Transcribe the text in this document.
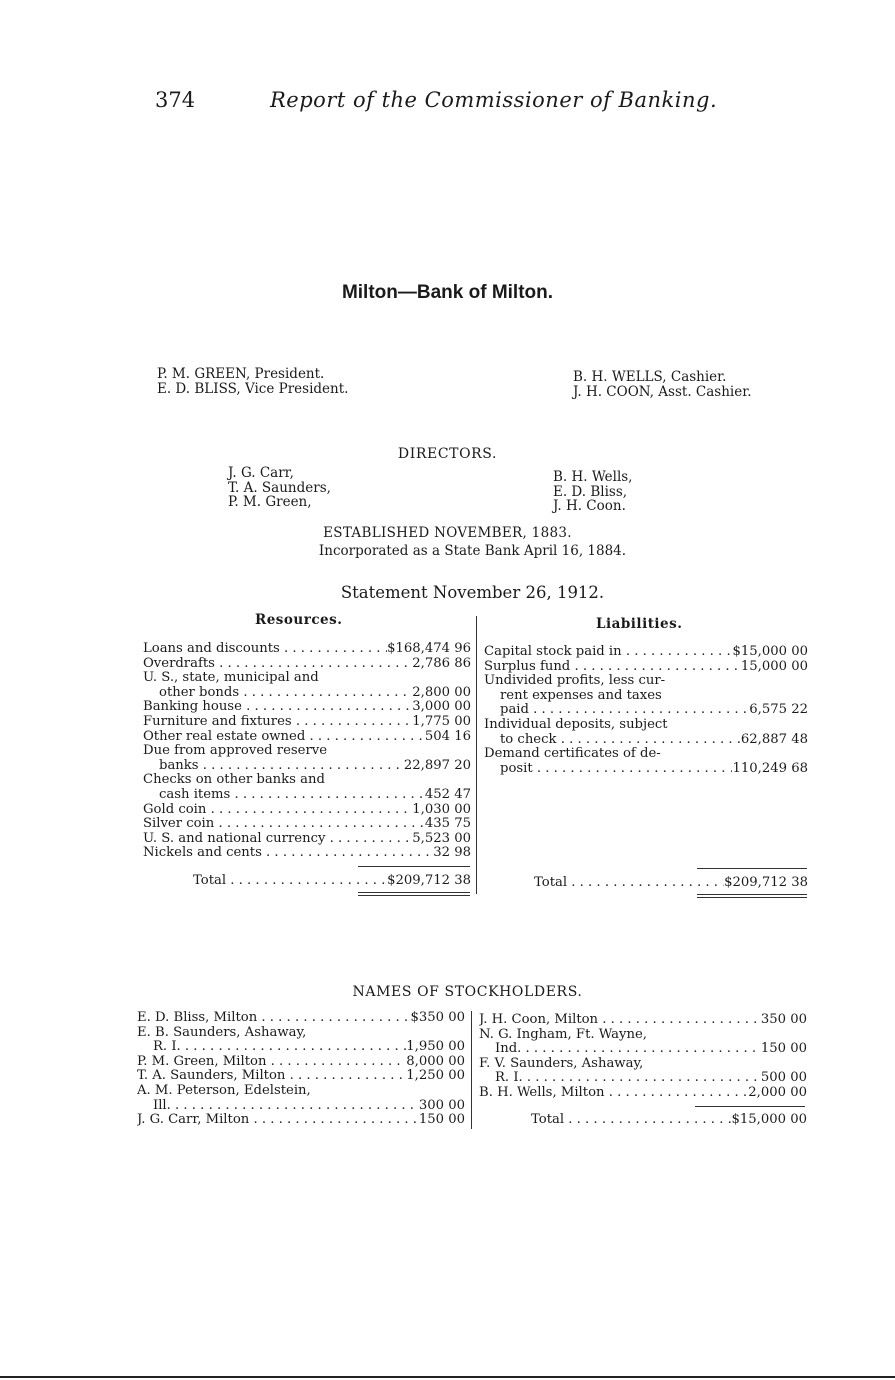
374	Report of the Commissioner of Banking.
Milton—Bank of Milton.
P. M. GREEN, President.
E. D. BLISS, Vice President.
B. H. WELLS, Cashier.
J. H. COON, Asst. Cashier.
DIRECTORS.
J. G. Carr,
T. A. Saunders,
P. M. Green,
B. H. Wells,
E. D. Bliss,
J. H. Coon.
ESTABLISHED NOVEMBER, 1883.
Incorporated as a State Bank April 16, 1884.
Statement November 26, 1912.
Resources.
Loans and discounts . . .	$168,474 96
Overdrafts . . .	2,786 86
U. S., state, municipal and
other bonds . . .	2,800 00
Banking house . . .	3,000 00
Furniture and fixtures . . .	1,775 00
Other real estate owned . . .	504 16
Due from approved reserve
banks . . .	22,897 20
Checks on other banks and
cash items . . .	452 47
Gold coin . . .	1,030 00
Silver coin . . .	435 75
U. S. and national currency . . .	5,523 00
Nickels and cents . . .	32 98
Total . . .	$209,712 38
Liabilities.
Capital stock paid in . . .	$15,000 00
Surplus fund . . .	15,000 00
Undivided profits, less cur-
rent expenses and taxes
paid . . .	6,575 22
Individual deposits, subject
to check . . .	62,887 48
Demand certificates of de-
posit . . .	110,249 68
Total . . .	$209,712 38
NAMES OF STOCKHOLDERS.
E. D. Bliss, Milton . . .	$350 00
E. B. Saunders, Ashaway,
R. I. . . .	1,950 00
P. M. Green, Milton . . .	8,000 00
T. A. Saunders, Milton . . .	1,250 00
A. M. Peterson, Edelstein,
Ill. . . .	300 00
J. G. Carr, Milton . . .	150 00
J. H. Coon, Milton . . .	350 00
N. G. Ingham, Ft. Wayne,
Ind. . . .	150 00
F. V. Saunders, Ashaway,
R. I. . . .	500 00
B. H. Wells, Milton . . .	2,000 00
Total . . .	$15,000 00
